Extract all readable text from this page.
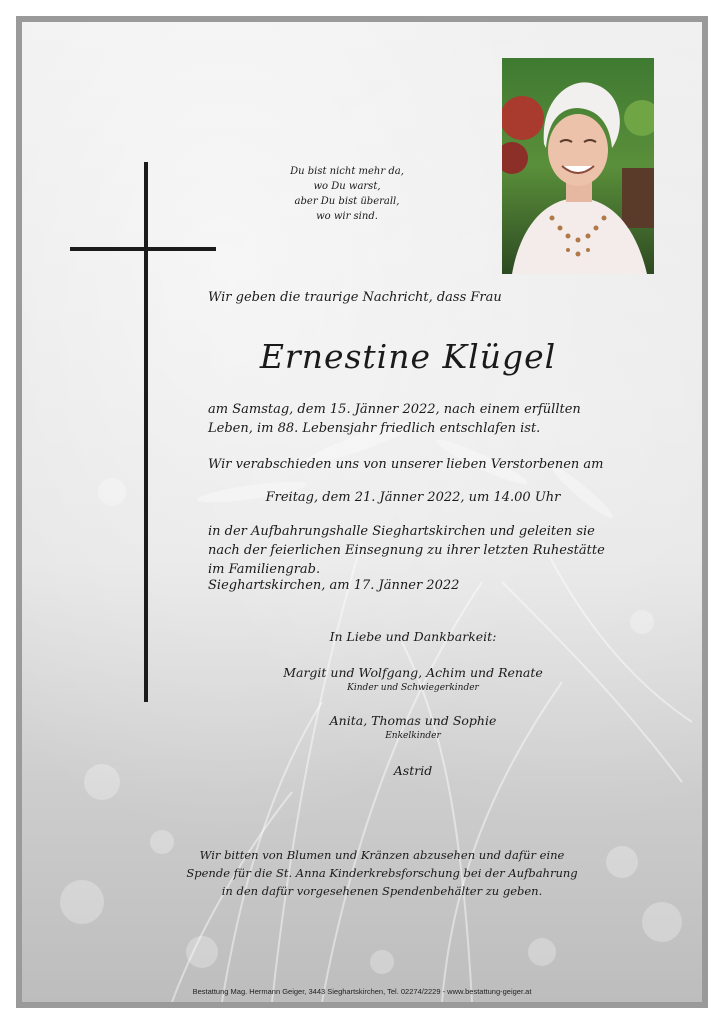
Du bist nicht mehr da,
wo Du warst,
aber Du bist überall,
wo wir sind.
Wir geben die traurige Nachricht, dass Frau
Ernestine Klügel
am Samstag, dem 15. Jänner 2022, nach einem erfüllten Leben, im 88. Lebensjahr friedlich entschlafen ist.
Wir verabschieden uns von unserer lieben Verstorbenen am
Freitag, dem 21. Jänner 2022, um 14.00 Uhr
in der Aufbahrungshalle Sieghartskirchen und geleiten sie nach der feierlichen Einsegnung zu ihrer letzten Ruhestätte im Familiengrab.
Sieghartskirchen, am 17. Jänner 2022
In Liebe und Dankbarkeit:
Margit und Wolfgang, Achim und Renate
Kinder und Schwiegerkinder
Anita, Thomas und Sophie
Enkelkinder
Astrid
Wir bitten von Blumen und Kränzen abzusehen und dafür eine
Spende für die St. Anna Kinderkrebsforschung bei der Aufbahrung
in den dafür vorgesehenen Spendenbehälter zu geben.
Bestattung Mag. Hermann Geiger, 3443 Sieghartskirchen, Tel. 02274/2229 - www.bestattung-geiger.at
